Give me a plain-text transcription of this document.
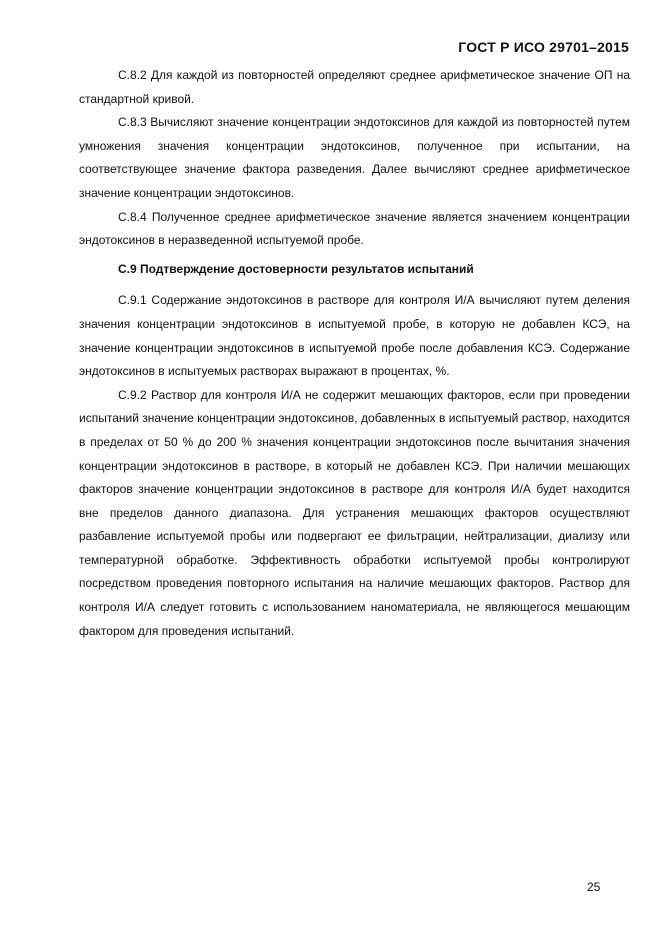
ГОСТ Р ИСО 29701–2015

С.8.2 Для каждой из повторностей определяют среднее арифметическое значение ОП на стандартной кривой.

С.8.3 Вычисляют значение концентрации эндотоксинов для каждой из повторностей путем умножения значения концентрации эндотоксинов, полученное при испытании, на соответствующее значение фактора разведения. Далее вычисляют среднее арифметическое значение концентрации эндотоксинов.

С.8.4 Полученное среднее арифметическое значение является значением концентрации эндотоксинов в неразведенной испытуемой пробе.

С.9 Подтверждение достоверности результатов испытаний

С.9.1 Содержание эндотоксинов в растворе для контроля И/А вычисляют путем деления значения концентрации эндотоксинов в испытуемой пробе, в которую не добавлен КСЭ, на значение концентрации эндотоксинов в испытуемой пробе после добавления КСЭ. Содержание эндотоксинов в испытуемых растворах выражают в процентах, %.

С.9.2 Раствор для контроля И/А не содержит мешающих факторов, если при проведении испытаний значение концентрации эндотоксинов, добавленных в испытуемый раствор, находится в пределах от 50 % до 200 % значения концентрации эндотоксинов после вычитания значения концентрации эндотоксинов в растворе, в который не добавлен КСЭ. При наличии мешающих факторов значение концентрации эндотоксинов в растворе для контроля И/А будет находится вне пределов данного диапазона. Для устранения мешающих факторов осуществляют разбавление испытуемой пробы или подвергают ее фильтрации, нейтрализации, диализу или температурной обработке. Эффективность обработки испытуемой пробы контролируют посредством проведения повторного испытания на наличие мешающих факторов. Раствор для контроля И/А следует готовить с использованием наноматериала, не являющегося мешающим фактором для проведения испытаний.

25
